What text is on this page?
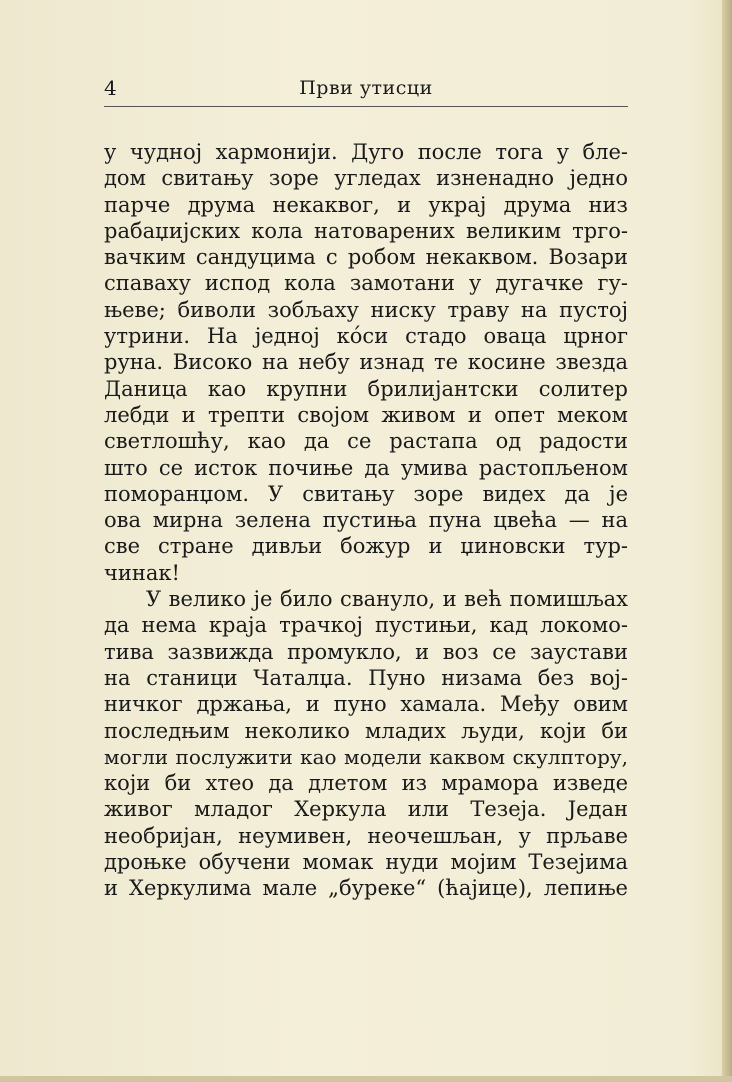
4	Први утисци
у чудној хармонији. Дуго после тога у бле-
дом свитању зоре угледах изненадно једно
парче друма некаквог, и украј друма низ
рабаџијских кола натоварених великим трго-
вачким сандуцима с робом некаквом. Возари
спаваху испод кола замотани у дугачке гу-
њеве; биволи зобљаху ниску траву на пустој
утрини. На једној ко́си стадо оваца црног
руна. Високо на небу изнад те косине звезда
Даница као крупни брилијантски солитер
лебди и трепти својом живом и опет меком
светлошћу, као да се растапа од радости
што се исток почиње да умива растопљеном
поморанџом. У свитању зоре видех да је
ова мирна зелена пустиња пуна цвећа — на
све стране дивљи божур и џиновски тур-
чинак!
У велико је било свануло, и већ помишљах
да нема краја трачкој пустињи, кад локомо-
тива зазвиждa промукло, и воз се заустави
на станици Чаталџа. Пуно низама без вој-
ничког држања, и пуно хамала. Међу овим
последњим неколико младих људи, који би
могли послужити као модели каквом скулптору,
који би хтео да длетом из мрамора изведе
живог младог Херкула или Тезеја. Један
необријан, неумивен, неочешљан, у прљаве
дроњке обучени момак нуди мојим Тезејима
и Херкулима мале „буреке“ (ћајице), лепиње
